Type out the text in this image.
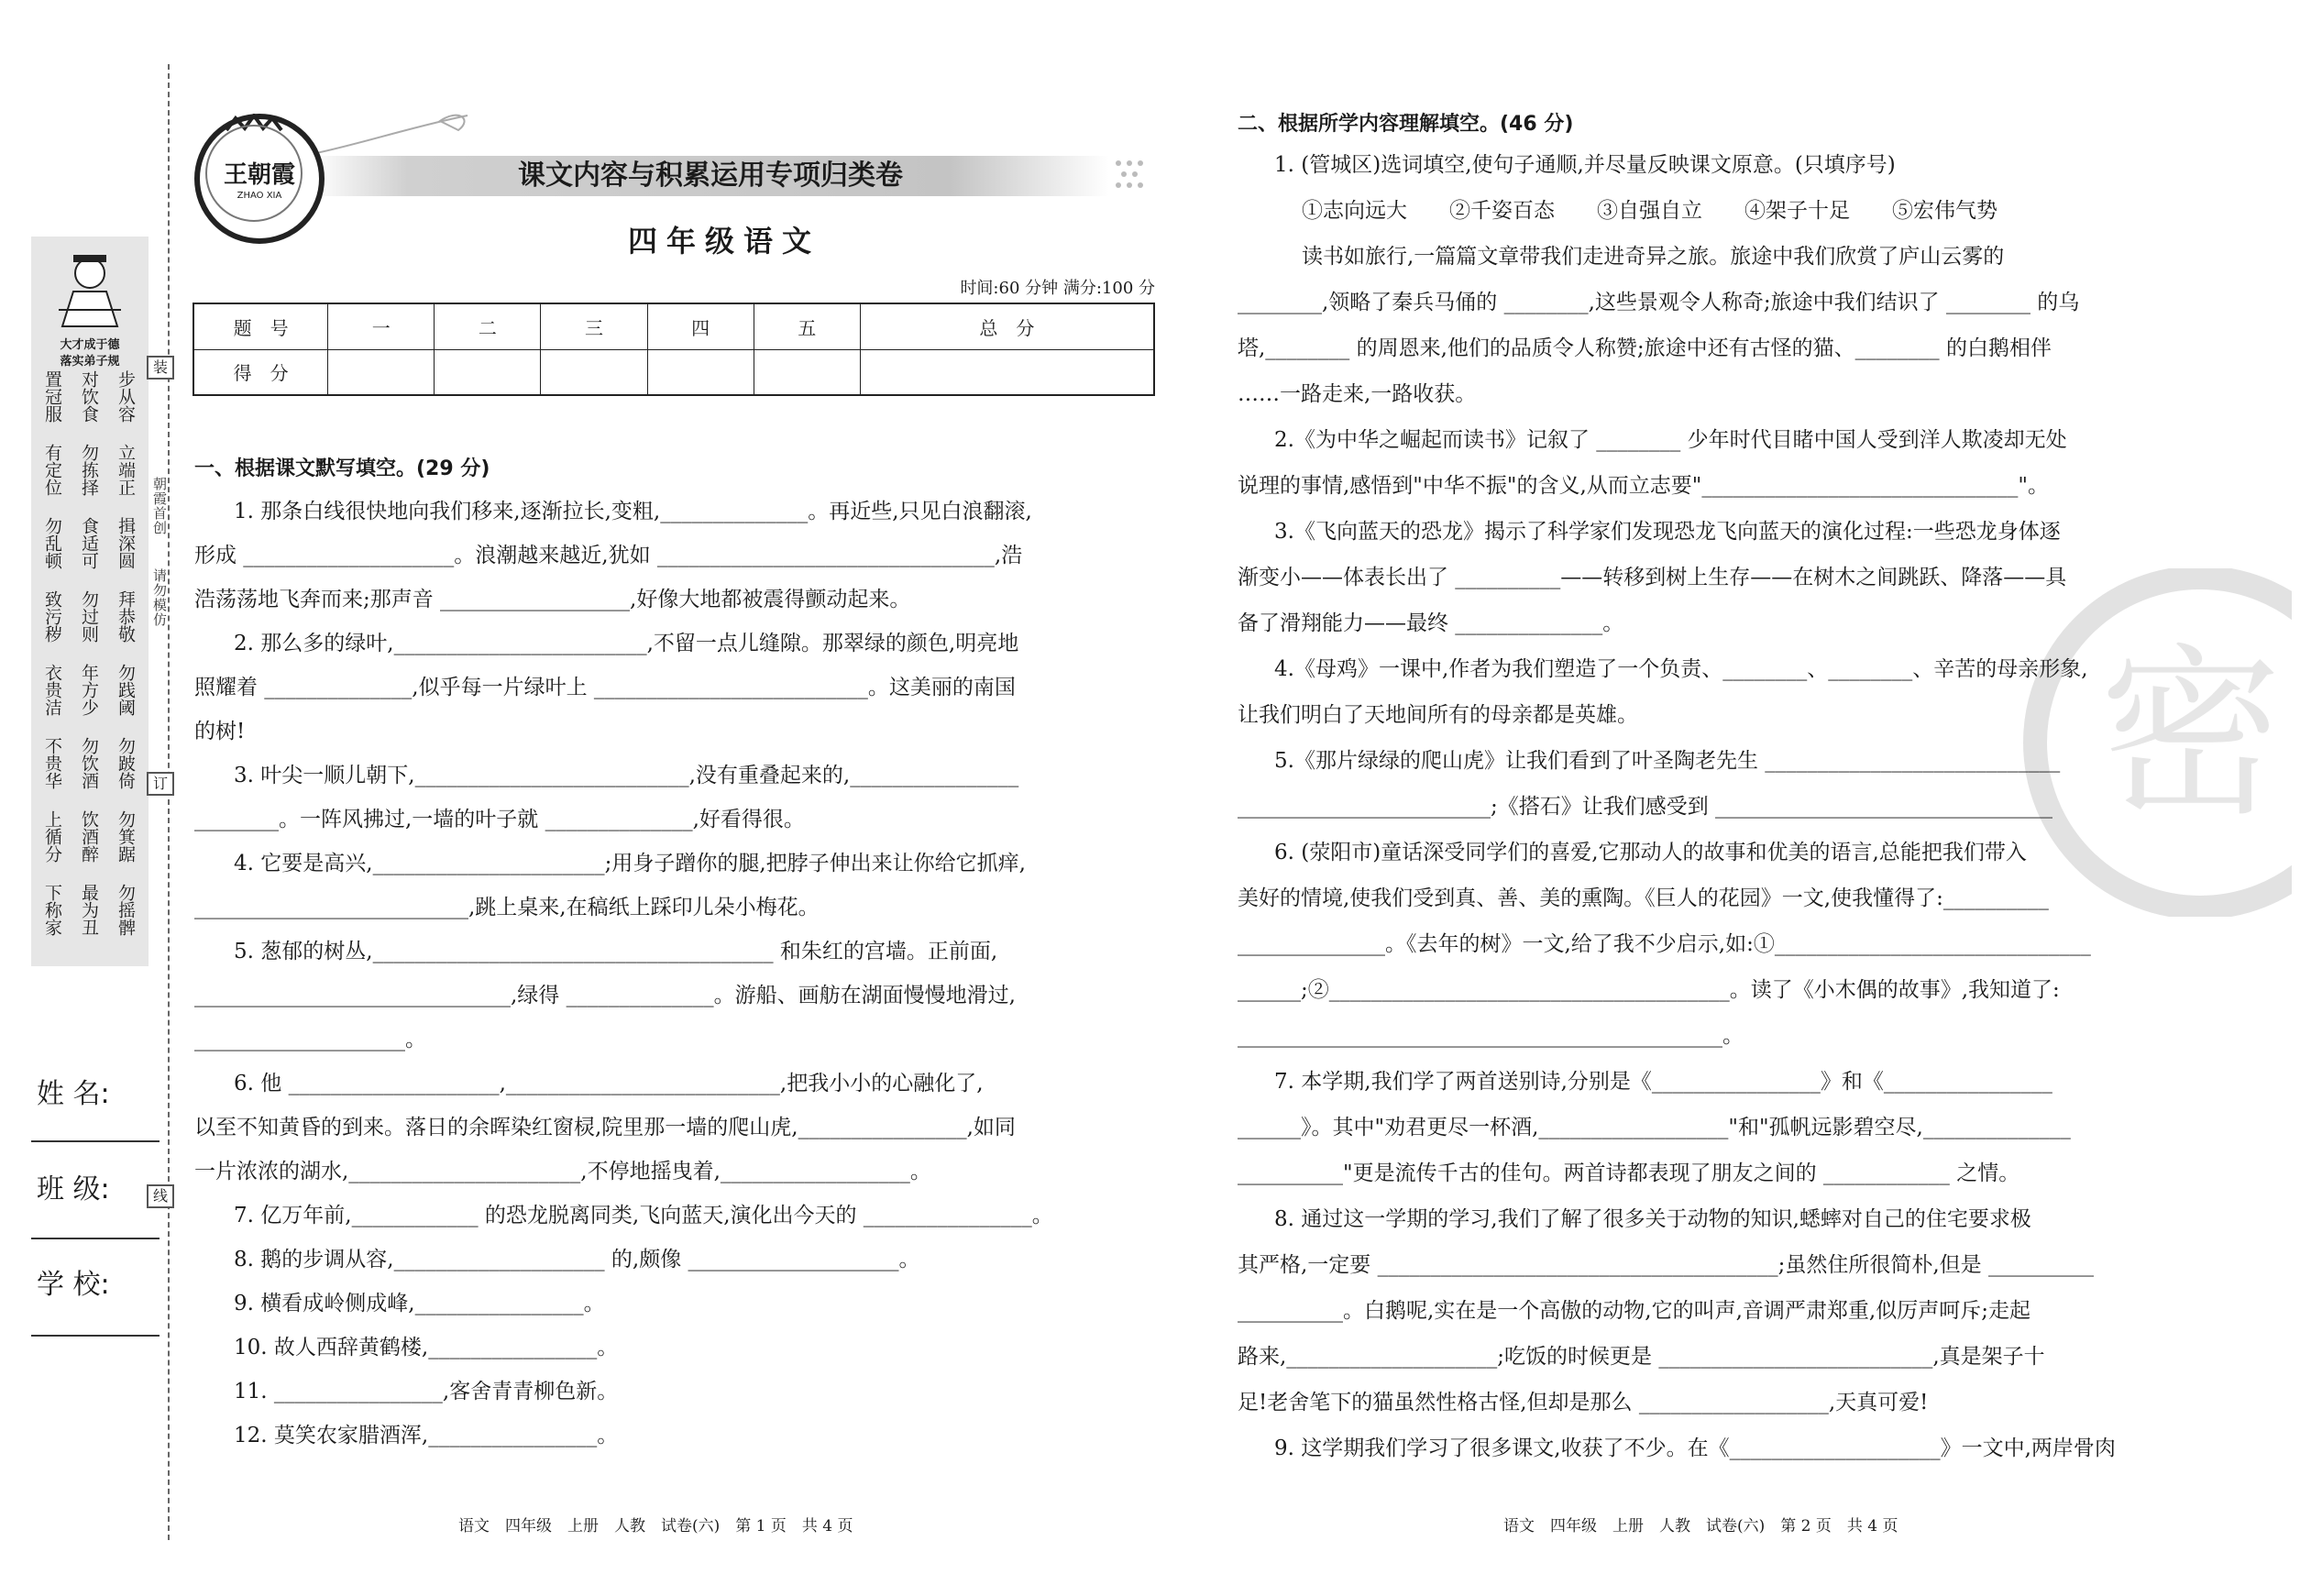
大才成于德
落实弟子规
步从容
对饮食
置冠服
立端正
勿拣择
有定位
揖深圆
食适可
勿乱顿
拜恭敬
勿过则
致污秽
勿践阈
年方少
衣贵洁
勿跛倚
勿饮酒
不贵华
勿箕踞
饮酒醉
上循分
勿摇髀
最为丑
下称家
装
订
线
朝霞首创
请勿模仿
姓 名:
班 级:
学 校:
王朝霞
ZHAO XIA
课文内容与积累运用专项归类卷
四年级语文
时间:60 分钟 满分:100 分
题　号	一	二	三	四	五	总　分
得　分						
一、根据课文默写填空。(29 分)
1. 那条白线很快地向我们移来,逐渐拉长,变粗,______________。再近些,只见白浪翻滚,
形成 ____________________。浪潮越来越近,犹如 ________________________________,浩
浩荡荡地飞奔而来;那声音 __________________,好像大地都被震得颤动起来。
2. 那么多的绿叶,________________________,不留一点儿缝隙。那翠绿的颜色,明亮地
照耀着 ______________,似乎每一片绿叶上 __________________________。这美丽的南国
的树!
3. 叶尖一顺儿朝下,__________________________,没有重叠起来的,________________
________。一阵风拂过,一墙的叶子就 ______________,好看得很。
4. 它要是高兴,______________________;用身子蹭你的腿,把脖子伸出来让你给它抓痒,
__________________________,跳上桌来,在稿纸上踩印儿朵小梅花。
5. 葱郁的树丛,______________________________________ 和朱红的宫墙。正前面,
______________________________,绿得 ______________。游船、画舫在湖面慢慢地滑过,
____________________。
6. 他 ____________________,__________________________,把我小小的心融化了,
以至不知黄昏的到来。落日的余晖染红窗棂,院里那一墙的爬山虎,________________,如同
一片浓浓的湖水,______________________,不停地摇曳着,__________________。
7. 亿万年前,____________ 的恐龙脱离同类,飞向蓝天,演化出今天的 ________________。
8. 鹅的步调从容,____________________ 的,颇像 ____________________。
9. 横看成岭侧成峰,________________。
10. 故人西辞黄鹤楼,________________。
11. ________________,客舍青青柳色新。
12. 莫笑农家腊酒浑,________________。
密
二、根据所学内容理解填空。(46 分)
1. (管城区)选词填空,使句子通顺,并尽量反映课文原意。(只填序号)
①志向远大　　②千姿百态　　③自强自立　　④架子十足　　⑤宏伟气势
读书如旅行,一篇篇文章带我们走进奇异之旅。旅途中我们欣赏了庐山云雾的
________,领略了秦兵马俑的 ________,这些景观令人称奇;旅途中我们结识了 ________ 的乌
塔,________ 的周恩来,他们的品质令人称赞;旅途中还有古怪的猫、________ 的白鹅相伴
……一路走来,一路收获。
2.《为中华之崛起而读书》记叙了 ________ 少年时代目睹中国人受到洋人欺凌却无处
说理的事情,感悟到"中华不振"的含义,从而立志要"______________________________"。
3.《飞向蓝天的恐龙》揭示了科学家们发现恐龙飞向蓝天的演化过程:一些恐龙身体逐
渐变小——体表长出了 __________——转移到树上生存——在树木之间跳跃、降落——具
备了滑翔能力——最终 ______________。
4.《母鸡》一课中,作者为我们塑造了一个负责、________、________、辛苦的母亲形象,
让我们明白了天地间所有的母亲都是英雄。
5.《那片绿绿的爬山虎》让我们看到了叶圣陶老先生 ____________________________
________________________;《搭石》让我们感受到 ________________________________
6. (荥阳市)童话深受同学们的喜爱,它那动人的故事和优美的语言,总能把我们带入
美好的情境,使我们受到真、善、美的熏陶。《巨人的花园》一文,使我懂得了:__________
______________。《去年的树》一文,给了我不少启示,如:①______________________________
______;②______________________________________。读了《小木偶的故事》,我知道了:
______________________________________________。
7. 本学期,我们学了两首送别诗,分别是《________________》和《________________
______》。其中"劝君更尽一杯酒,__________________"和"孤帆远影碧空尽,______________
__________"更是流传千古的佳句。两首诗都表现了朋友之间的 ____________ 之情。
8. 通过这一学期的学习,我们了解了很多关于动物的知识,蟋蟀对自己的住宅要求极
其严格,一定要 ______________________________________;虽然住所很简朴,但是 __________
__________。白鹅呢,实在是一个高傲的动物,它的叫声,音调严肃郑重,似厉声呵斥;走起
路来,____________________;吃饭的时候更是 __________________________,真是架子十
足!老舍笔下的猫虽然性格古怪,但却是那么 __________________,天真可爱!
9. 这学期我们学习了很多课文,收获了不少。在《____________________》一文中,两岸骨肉
语文　四年级　上册　人教　试卷(六)　第 1 页　共 4 页	语文　四年级　上册　人教　试卷(六)　第 2 页　共 4 页
